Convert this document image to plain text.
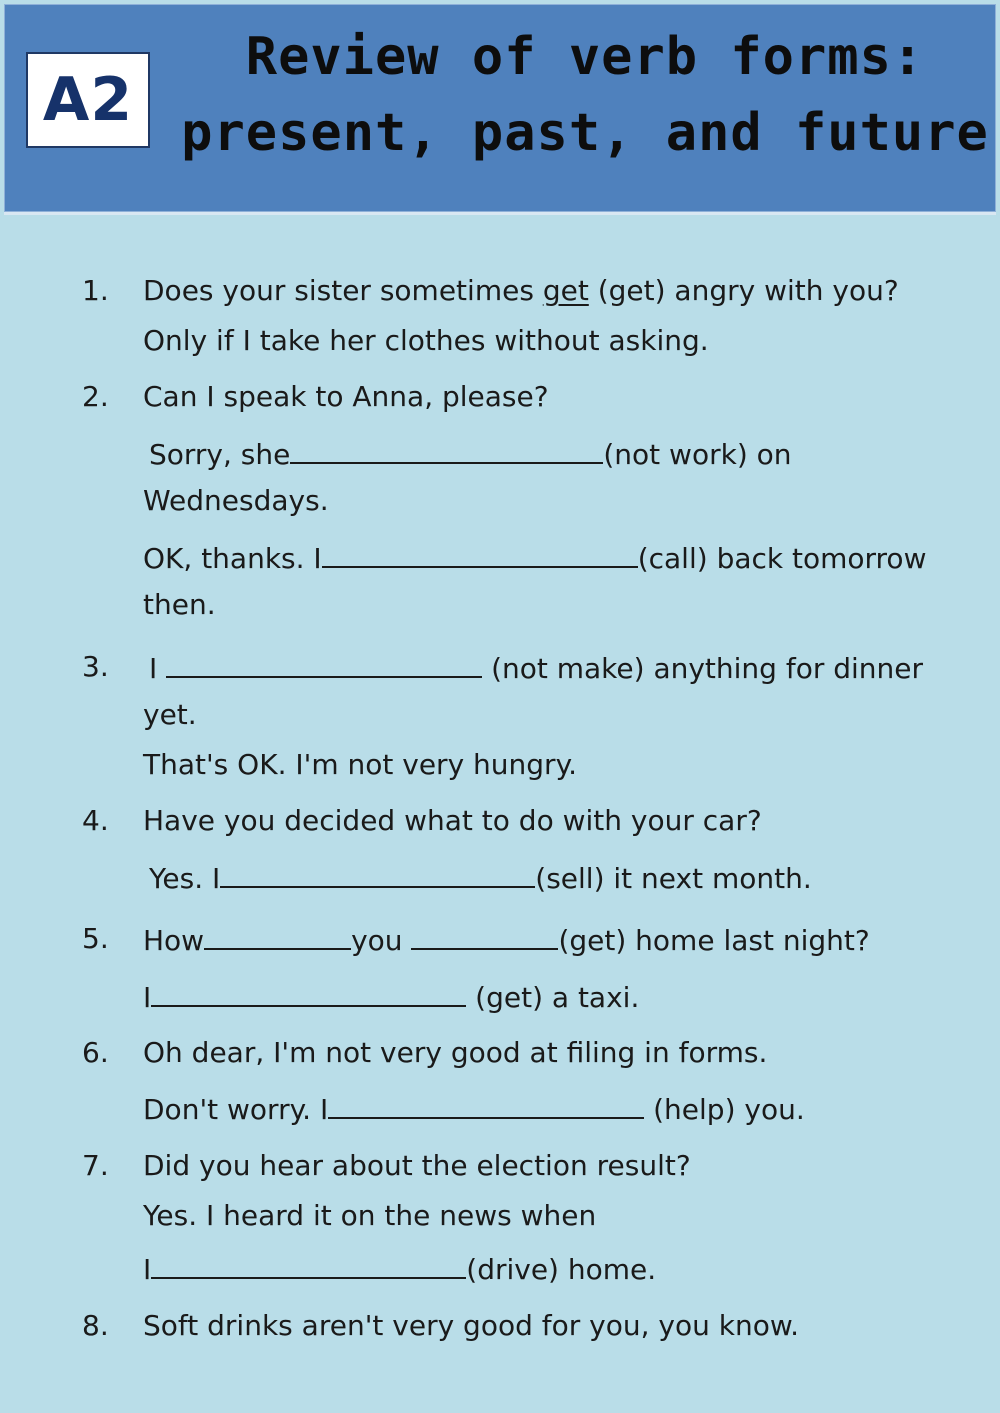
A2
Review of verb forms:
present, past, and future
1. Does your sister sometimes get (get) angry with you?
Only if I take her clothes without asking.
2. Can I speak to Anna, please?
Sorry, she	(not work) on
Wednesdays.
OK, thanks. I	(call) back tomorrow
then.
3. I	(not make) anything for dinner
yet.
That's OK. I'm not very hungry.
4. Have you decided what to do with your car?
Yes. I	(sell) it next month.
5. How	you	(get) home last night?
I	(get) a taxi.
6. Oh dear, I'm not very good at filing in forms.
Don't worry. I	(help) you.
7. Did you hear about the election result?
Yes. I heard it on the news when
I	(drive) home.
8. Soft drinks aren't very good for you, you know.
